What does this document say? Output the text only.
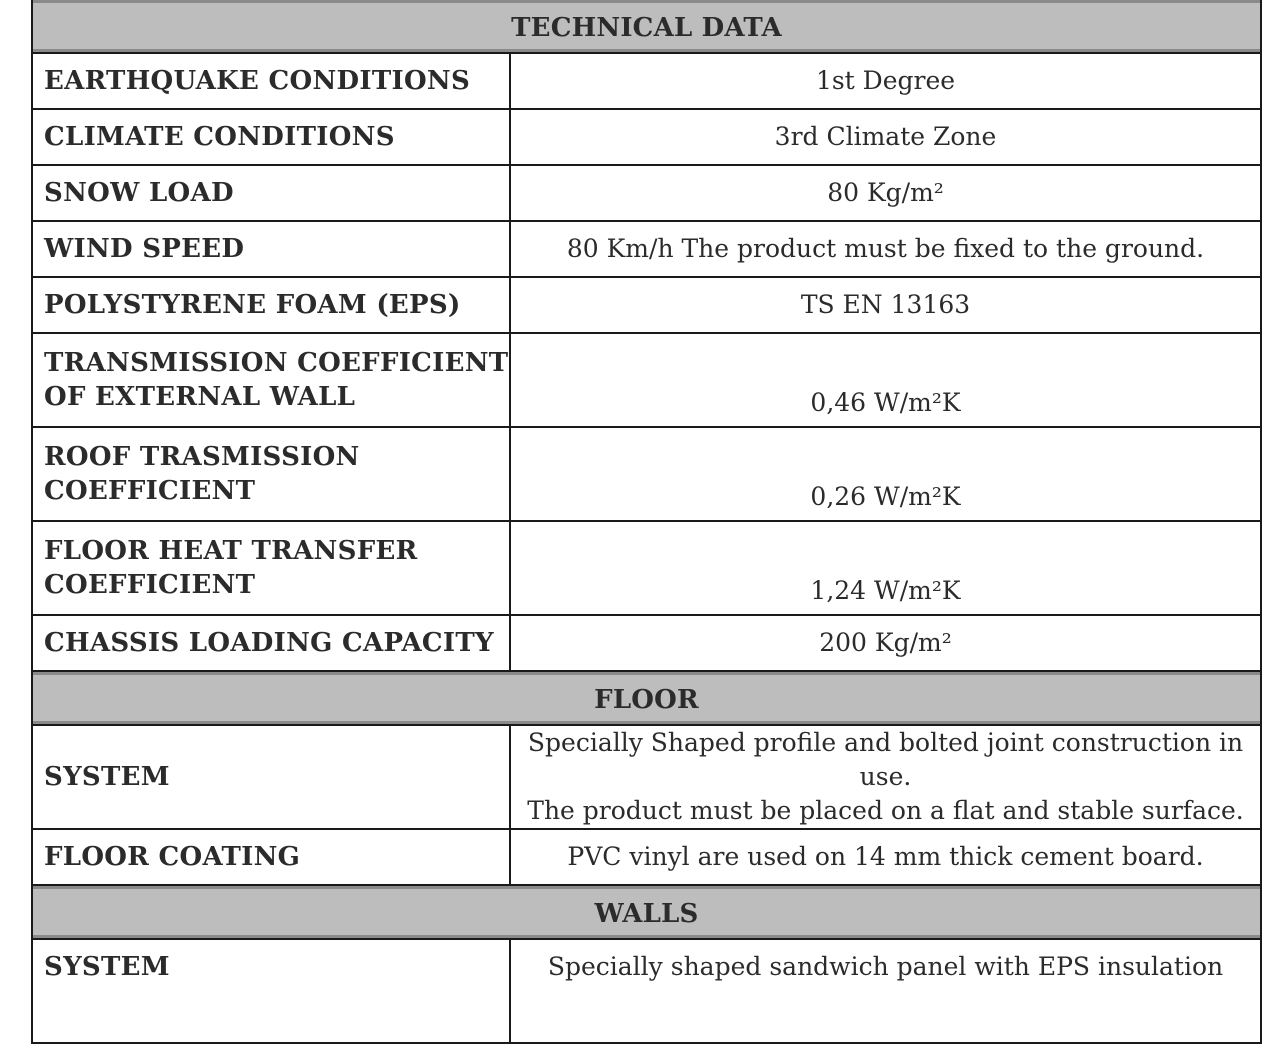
TECHNICAL DATA	
EARTHQUAKE CONDITIONS	1st Degree
CLIMATE CONDITIONS	3rd Climate Zone
SNOW LOAD	80 Kg/m²
WIND SPEED	80 Km/h The product must be fixed to the ground.
POLYSTYRENE FOAM (EPS)	TS EN 13163

TRANSMISSION COEFFICIENT
OF EXTERNAL WALL	0,46 W/m²K

ROOF TRASMISSION
COEFFICIENT	0,26 W/m²K

FLOOR HEAT TRANSFER
COEFFICIENT	1,24 W/m²K
CHASSIS LOADING CAPACITY	200 Kg/m²
FLOOR	
SYSTEM	Specially Shaped profile and bolted joint construction in use.
The product must be placed on a flat and stable surface.

FLOOR COATING	PVC vinyl are used on 14 mm thick cement board.
WALLS	
SYSTEM	Specially shaped sandwich panel with EPS insulation
